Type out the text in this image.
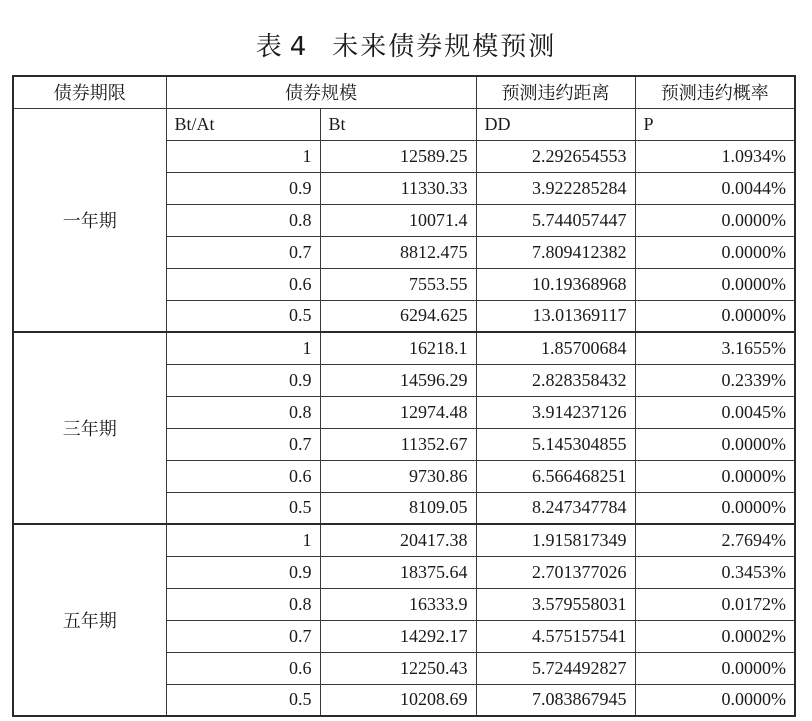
表 4 未来债券规模预测
债券期限	债券规模		预测违约距离	预测违约概率
一年期	Bt/At	Bt	DD	P
	1	12589.25	2.292654553	1.0934%
	0.9	11330.33	3.922285284	0.0044%
	0.8	10071.4	5.744057447	0.0000%
	0.7	8812.475	7.809412382	0.0000%
	0.6	7553.55	10.19368968	0.0000%
	0.5	6294.625	13.01369117	0.0000%
三年期	1	16218.1	1.85700684	3.1655%
	0.9	14596.29	2.828358432	0.2339%
	0.8	12974.48	3.914237126	0.0045%
	0.7	11352.67	5.145304855	0.0000%
	0.6	9730.86	6.566468251	0.0000%
	0.5	8109.05	8.247347784	0.0000%
五年期	1	20417.38	1.915817349	2.7694%
	0.9	18375.64	2.701377026	0.3453%
	0.8	16333.9	3.579558031	0.0172%
	0.7	14292.17	4.575157541	0.0002%
	0.6	12250.43	5.724492827	0.0000%
	0.5	10208.69	7.083867945	0.0000%
